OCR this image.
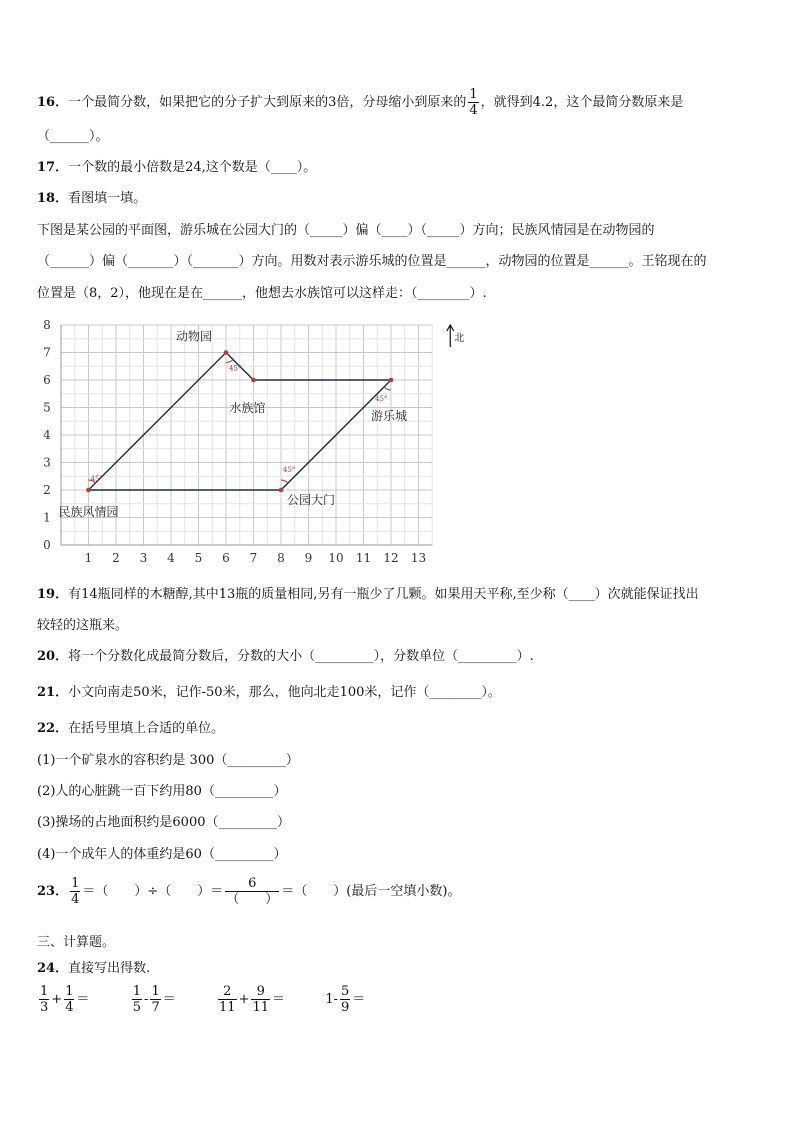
16．一个最简分数，如果把它的分子扩大到原来的3倍，分母缩小到原来的 $\frac{1}{4}$ ，就得到4.2，这个最简分数原来是
（______）。
17．一个数的最小倍数是24,这个数是（____）。
18．看图填一填。
下图是某公园的平面图，游乐城在公园大门的（_____）偏（____）（_____）方向；民族风情园是在动物园的
（______）偏（_______）（_______）方向。用数对表示游乐城的位置是______，动物园的位置是______。王铭现在的
位置是（8，2），他现在是在______，他想去水族馆可以这样走：（________）.
1 2 3 4 5 6 7 8 9 10 11 12 13
0
1
2
3
4
5
6
7
8
北
45°
45°
45°
45°
动物园
水族馆
游乐城
公园大门
民族风情园
19．有14瓶同样的木糖醇,其中13瓶的质量相同,另有一瓶少了几颗。如果用天平称,至少称（____）次就能保证找出
较轻的这瓶来。
20．将一个分数化成最简分数后，分数的大小（_________），分数单位（_________）.
21．小文向南走50米，记作-50米，那么，他向北走100米，记作（________）。
22．在括号里填上合适的单位。
(1)一个矿泉水的容积约是 300（_________）
(2)人的心脏跳一百下约用80（_________）
(3)操场的占地面积约是6000（_________）
(4)一个成年人的体重约是60（_________）
23． $\frac{1}{4}$ ＝（　　）÷（　　）＝ $\frac{6}{( )}$ ＝（　　）(最后一空填小数)。
三、计算题。
24．直接写出得数.
$\frac{1}{3} + \frac{1}{4}$ ＝	$\frac{1}{5} - \frac{1}{7}$ ＝	$\frac{2}{11} + \frac{9}{11}$ ＝	$1- \frac{5}{9}$ ＝
